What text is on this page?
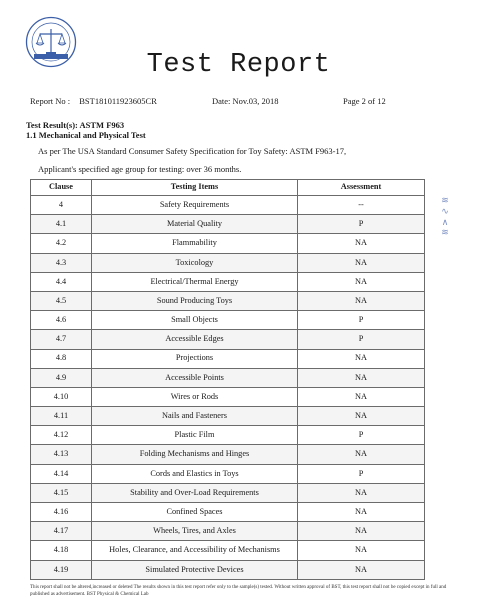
Test Report
Report No : BST181011923605CR	Date: Nov.03, 2018	Page 2 of 12
Test Result(s): ASTM F963
1.1 Mechanical and Physical Test
As per The USA Standard Consumer Safety Specification for Toy Safety: ASTM F963-17,
Applicant's specified age group for testing: over 36 months.
Clause	Testing Items	Assessment
4	Safety Requirements	--
4.1	Material Quality	P
4.2	Flammability	NA
4.3	Toxicology	NA
4.4	Electrical/Thermal Energy	NA
4.5	Sound Producing Toys	NA
4.6	Small Objects	P
4.7	Accessible Edges	P
4.8	Projections	NA
4.9	Accessible Points	NA
4.10	Wires or Rods	NA
4.11	Nails and Fasteners	NA
4.12	Plastic Film	P
4.13	Folding Mechanisms and Hinges	NA
4.14	Cords and Elastics in Toys	P
4.15	Stability and Over-Load Requirements	NA
4.16	Confined Spaces	NA
4.17	Wheels, Tires, and Axles	NA
4.18	Holes, Clearance, and Accessibility of Mechanisms	NA
4.19	Simulated Protective Devices	NA
≋
∿
∧
≋
This report shall not be altered,increased or deleted The results shown in this test report refer only to the sample(s) tested. Without written approval of BST, this test report shall not be copied except in full and published as advertisement. BST Physical & Chemical Lab
